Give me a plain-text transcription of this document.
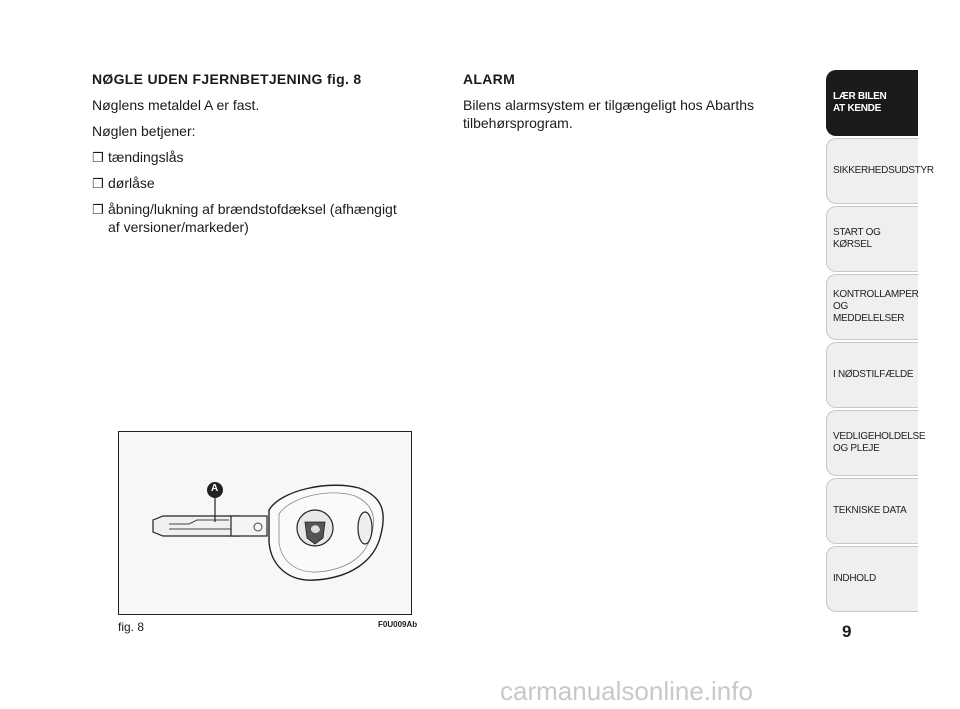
NØGLE UDEN FJERNBETJENING fig. 8

Nøglens metaldel A er fast.

Nøglen betjener:

❒ tændingslås
❒ dørlåse
❒ åbning/lukning af brændstofdæksel (afhængigt af versioner/markeder)
ALARM

Bilens alarmsystem er tilgængeligt hos Abarths tilbehørsprogram.

A
fig. 8	F0U009Ab
LÆR BILEN
AT KENDE
SIKKERHEDSUDSTYR
START OG KØRSEL
KONTROLLAMPER
OG MEDDELELSER
I NØDSTILFÆLDE
VEDLIGEHOLDELSE
OG PLEJE
TEKNISKE DATA
INDHOLD
9
carmanualsonline.info
